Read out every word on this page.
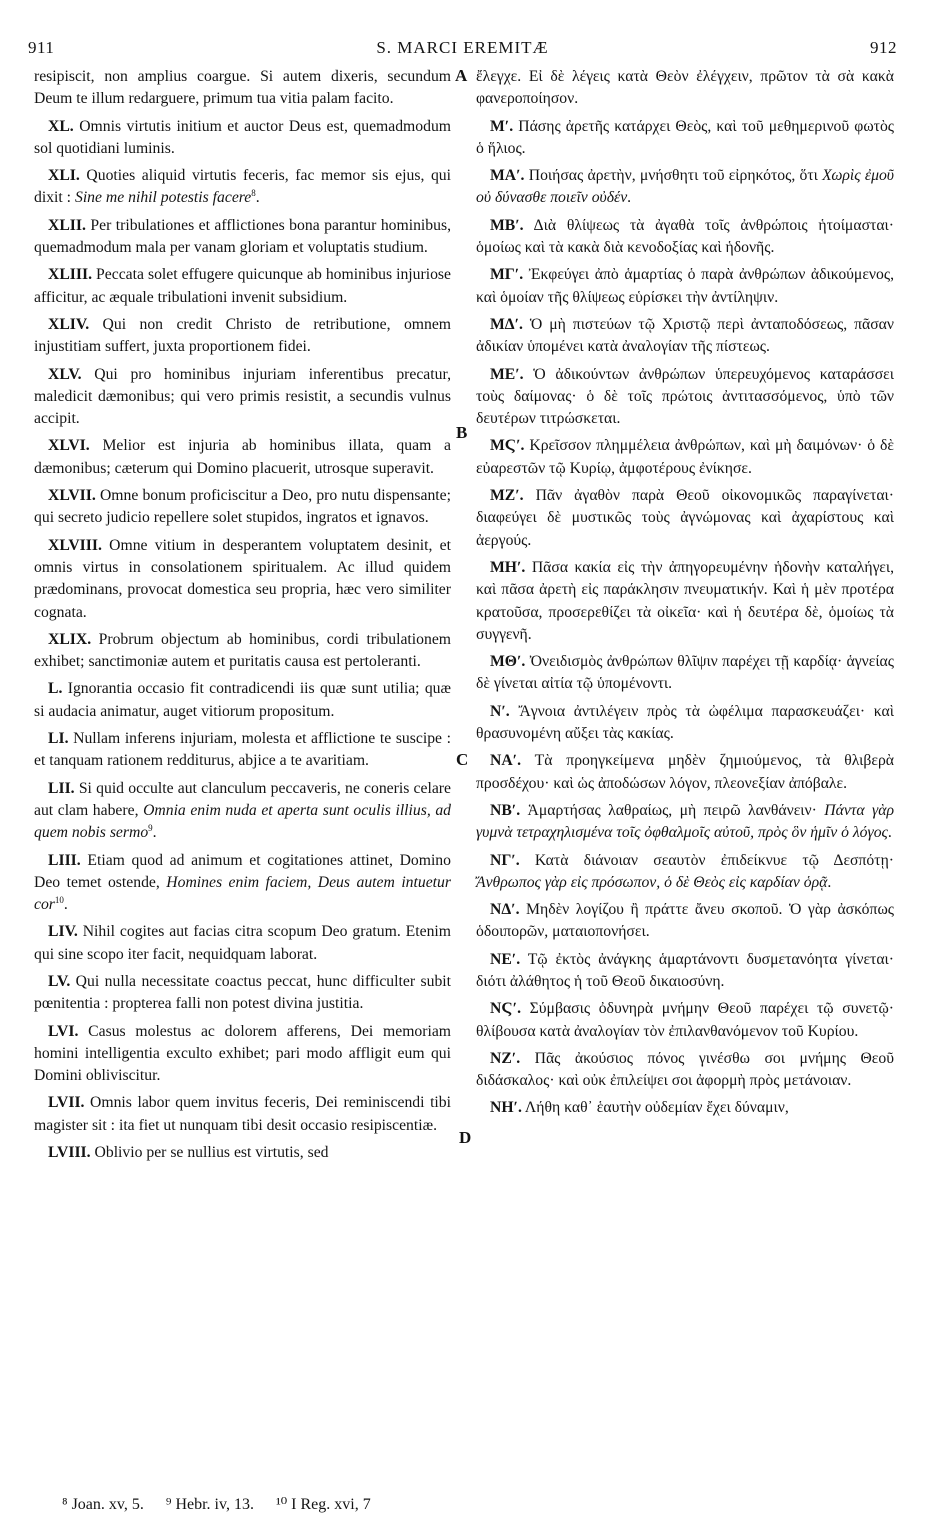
911	S. MARCI EREMITÆ	912
A
B
C
D

resipiscit, non amplius coargue. Si autem dixeris, secundum Deum te illum redarguere, primum tua vitia palam facito.

XL. Omnis virtutis initium et auctor Deus est, quemadmodum sol quotidiani luminis.

XLI. Quoties aliquid virtutis feceris, fac memor sis ejus, qui dixit : Sine me nihil potestis facere$^8$.

XLII. Per tribulationes et afflictiones bona parantur hominibus, quemadmodum mala per vanam gloriam et voluptatis studium.

XLIII. Peccata solet effugere quicunque ab hominibus injuriose afficitur, ac æquale tribulationi invenit subsidium.

XLIV. Qui non credit Christo de retributione, omnem injustitiam suffert, juxta proportionem fidei.

XLV. Qui pro hominibus injuriam inferentibus precatur, maledicit dæmonibus; qui vero primis resistit, a secundis vulnus accipit.

XLVI. Melior est injuria ab hominibus illata, quam a dæmonibus; cæterum qui Domino placuerit, utrosque superavit.

XLVII. Omne bonum proficiscitur a Deo, pro nutu dispensante; qui secreto judicio repellere solet stupidos, ingratos et ignavos.

XLVIII. Omne vitium in desperantem voluptatem desinit, et omnis virtus in consolationem spiritualem. Ac illud quidem prædominans, provocat domestica seu propria, hæc vero similiter cognata.

XLIX. Probrum objectum ab hominibus, cordi tribulationem exhibet; sanctimoniæ autem et puritatis causa est pertoleranti.

L. Ignorantia occasio fit contradicendi iis quæ sunt utilia; quæ si audacia animatur, auget vitiorum propositum.

LI. Nullam inferens injuriam, molesta et afflictione te suscipe : et tanquam rationem redditurus, abjice a te avaritiam.

LII. Si quid occulte aut clanculum peccaveris, ne coneris celare aut clam habere, Omnia enim nuda et aperta sunt oculis illius, ad quem nobis sermo$^9$.

LIII. Etiam quod ad animum et cogitationes attinet, Domino Deo temet ostende, Homines enim faciem, Deus autem intuetur cor$^{10}$.

LIV. Nihil cogites aut facias citra scopum Deo gratum. Etenim qui sine scopo iter facit, nequidquam laborat.

LV. Qui nulla necessitate coactus peccat, hunc difficulter subit pœnitentia : propterea falli non potest divina justitia.

LVI. Casus molestus ac dolorem afferens, Dei memoriam homini intelligentia exculto exhibet; pari modo affligit eum qui Domini obliviscitur.

LVII. Omnis labor quem invitus feceris, Dei reminiscendi tibi magister sit : ita fiet ut nunquam tibi desit occasio resipiscentiæ.

LVIII. Oblivio per se nullius est virtutis, sed

ἔλεγχε. Εἰ δὲ λέγεις κατὰ Θεὸν ἐλέγχειν, πρῶτον τὰ σὰ κακὰ φανεροποίησον.

Μʹ. Πάσης ἀρετῆς κατάρχει Θεὸς, καὶ τοῦ μεθημερινοῦ φωτὸς ὁ ἥλιος.

ΜΑʹ. Ποιήσας ἀρετὴν, μνήσθητι τοῦ εἰρηκότος, ὅτι Χωρὶς ἐμοῦ οὐ δύνασθε ποιεῖν οὐδέν.

ΜΒʹ. Διὰ θλίψεως τὰ ἀγαθὰ τοῖς ἀνθρώποις ἡτοίμασται· ὁμοίως καὶ τὰ κακὰ διὰ κενοδοξίας καὶ ἡδονῆς.

ΜΓʹ. Ἐκφεύγει ἀπὸ ἁμαρτίας ὁ παρὰ ἀνθρώπων ἀδικούμενος, καὶ ὁμοίαν τῆς θλίψεως εὑρίσκει τὴν ἀντίληψιν.

ΜΔʹ. Ὁ μὴ πιστεύων τῷ Χριστῷ περὶ ἀνταποδόσεως, πᾶσαν ἀδικίαν ὑπομένει κατὰ ἀναλογίαν τῆς πίστεως.

ΜΕʹ. Ὁ ἀδικούντων ἀνθρώπων ὑπερευχόμενος καταράσσει τοὺς δαίμονας· ὁ δὲ τοῖς πρώτοις ἀντιτασσόμενος, ὑπὸ τῶν δευτέρων τιτρώσκεται.

ΜϚʹ. Κρεῖσσον πλημμέλεια ἀνθρώπων, καὶ μὴ δαιμόνων· ὁ δὲ εὐαρεστῶν τῷ Κυρίῳ, ἀμφοτέρους ἐνίκησε.

ΜΖʹ. Πᾶν ἀγαθὸν παρὰ Θεοῦ οἰκονομικῶς παραγίνεται· διαφεύγει δὲ μυστικῶς τοὺς ἀγνώμονας καὶ ἀχαρίστους καὶ ἀεργούς.

ΜΗʹ. Πᾶσα κακία εἰς τὴν ἀπηγορευμένην ἡδονὴν καταλήγει, καὶ πᾶσα ἀρετὴ εἰς παράκλησιν πνευματικήν. Καὶ ἡ μὲν προτέρα κρατοῦσα, προσερεθίζει τὰ οἰκεῖα· καὶ ἡ δευτέρα δὲ, ὁμοίως τὰ συγγενῆ.

ΜΘʹ. Ὀνειδισμὸς ἀνθρώπων θλῖψιν παρέχει τῇ καρδίᾳ· ἁγνείας δὲ γίνεται αἰτία τῷ ὑπομένοντι.

Νʹ. Ἄγνοια ἀντιλέγειν πρὸς τὰ ὠφέλιμα παρασκευάζει· καὶ θρασυνομένη αὔξει τὰς κακίας.

ΝΑʹ. Τὰ προηγκείμενα μηδὲν ζημιούμενος, τὰ θλιβερὰ προσδέχου· καὶ ὡς ἀποδώσων λόγον, πλεονεξίαν ἀπόβαλε.

ΝΒʹ. Ἁμαρτήσας λαθραίως, μὴ πειρῶ λανθάνειν· Πάντα γὰρ γυμνὰ τετραχηλισμένα τοῖς ὀφθαλμοῖς αὐτοῦ, πρὸς ὃν ἡμῖν ὁ λόγος.

ΝΓʹ. Κατὰ διάνοιαν σεαυτὸν ἐπιδείκνυε τῷ Δεσπότῃ· Ἄνθρωπος γὰρ εἰς πρόσωπον, ὁ δὲ Θεὸς εἰς καρδίαν ὁρᾷ.

ΝΔʹ. Μηδὲν λογίζου ἢ πράττε ἄνευ σκοποῦ. Ὁ γὰρ ἀσκόπως ὁδοιπορῶν, ματαιοπονήσει.

ΝΕʹ. Τῷ ἐκτὸς ἀνάγκης ἁμαρτάνοντι δυσμετανόητα γίνεται· διότι ἀλάθητος ἡ τοῦ Θεοῦ δικαιοσύνη.

ΝϚʹ. Σύμβασις ὀδυνηρὰ μνήμην Θεοῦ παρέχει τῷ συνετῷ· θλίβουσα κατὰ ἀναλογίαν τὸν ἐπιλανθανόμενον τοῦ Κυρίου.

ΝΖʹ. Πᾶς ἀκούσιος πόνος γινέσθω σοι μνήμης Θεοῦ διδάσκαλος· καὶ οὐκ ἐπιλείψει σοι ἀφορμὴ πρὸς μετάνοιαν.

ΝΗʹ. Λήθη καθ᾿ ἑαυτὴν οὐδεμίαν ἔχει δύναμιν,

⁸ Joan. xv, 5. ⁹ Hebr. iv, 13. ¹⁰ I Reg. xvi, 7
